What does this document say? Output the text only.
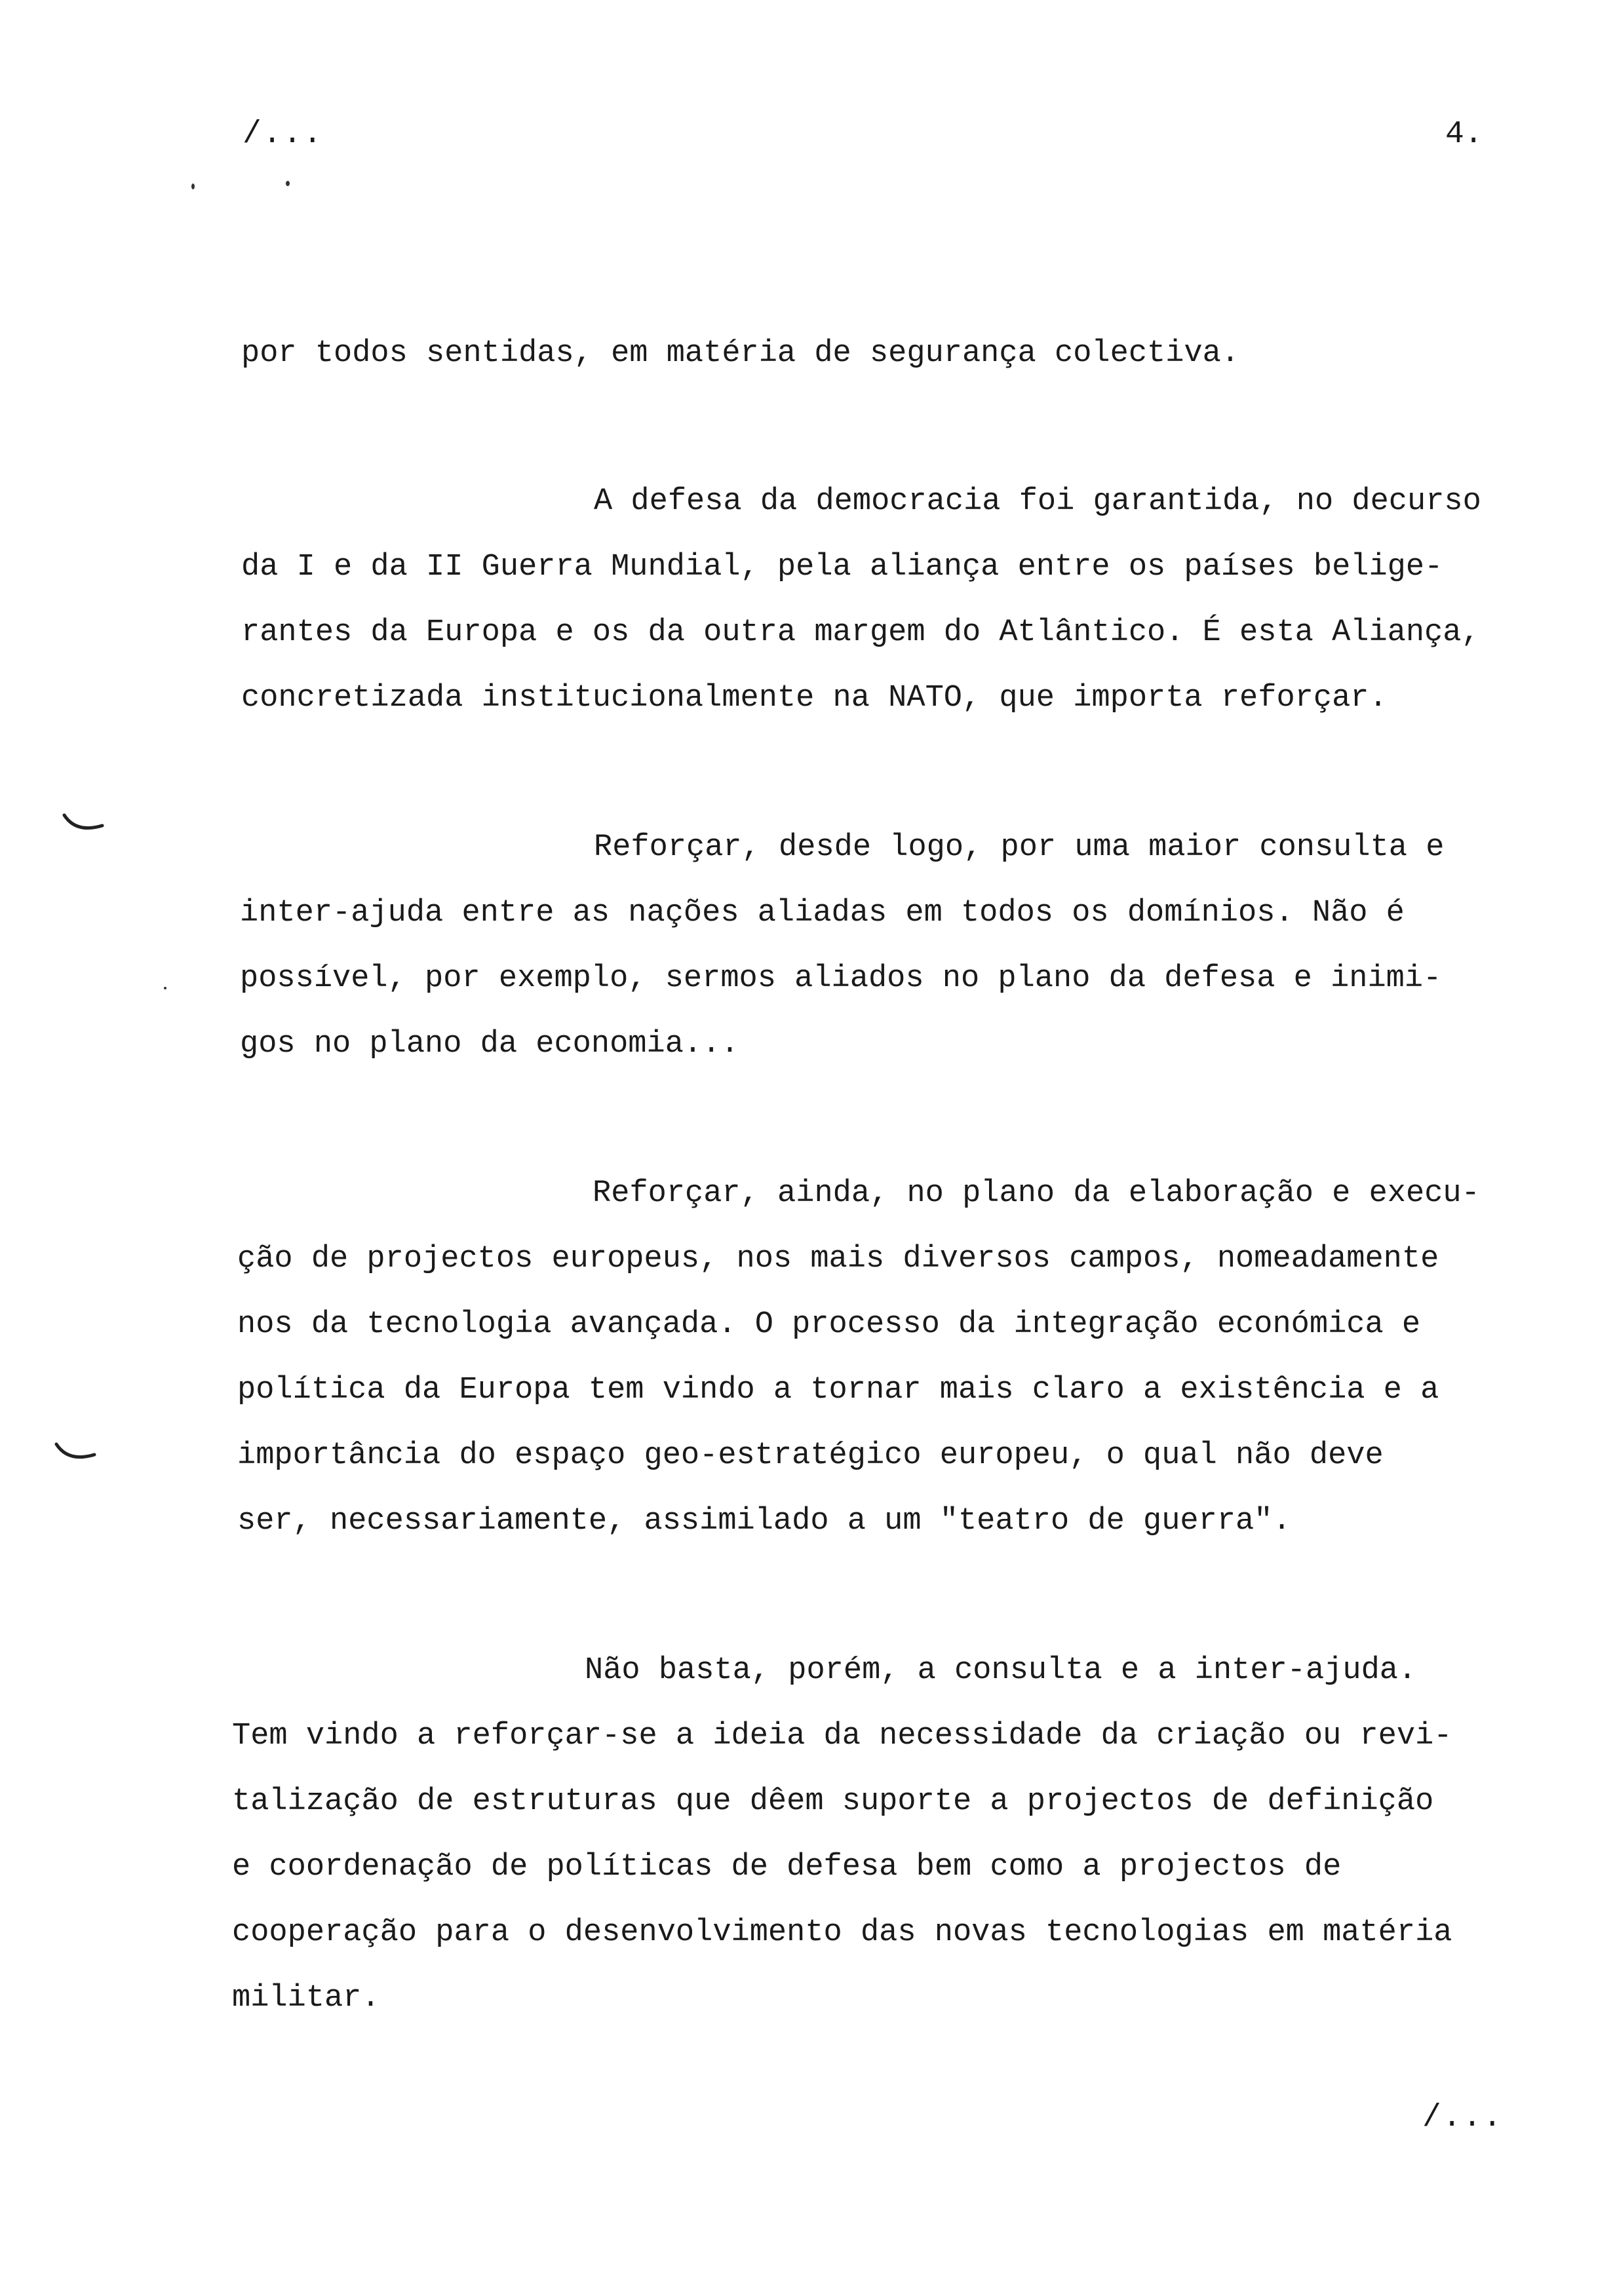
/...	4.
por todos sentidas, em matéria de segurança colectiva.
A defesa da democracia foi garantida, no decurso
da I e da II Guerra Mundial, pela aliança entre os países belige-
rantes da Europa e os da outra margem do Atlântico. É esta Aliança,
concretizada institucionalmente na NATO, que importa reforçar.
Reforçar, desde logo, por uma maior consulta e
inter-ajuda entre as nações aliadas em todos os domínios. Não é
possível, por exemplo, sermos aliados no plano da defesa e inimi-
gos no plano da economia...
Reforçar, ainda, no plano da elaboração e execu-
ção de projectos europeus, nos mais diversos campos, nomeadamente
nos da tecnologia avançada. O processo da integração económica e
política da Europa tem vindo a tornar mais claro a existência e a
importância do espaço geo-estratégico europeu, o qual não deve
ser, necessariamente, assimilado a um "teatro de guerra".
Não basta, porém, a consulta e a inter-ajuda.
Tem vindo a reforçar-se a ideia da necessidade da criação ou revi-
talização de estruturas que dêem suporte a projectos de definição
e coordenação de políticas de defesa bem como a projectos de
cooperação para o desenvolvimento das novas tecnologias em matéria
militar.
/...
